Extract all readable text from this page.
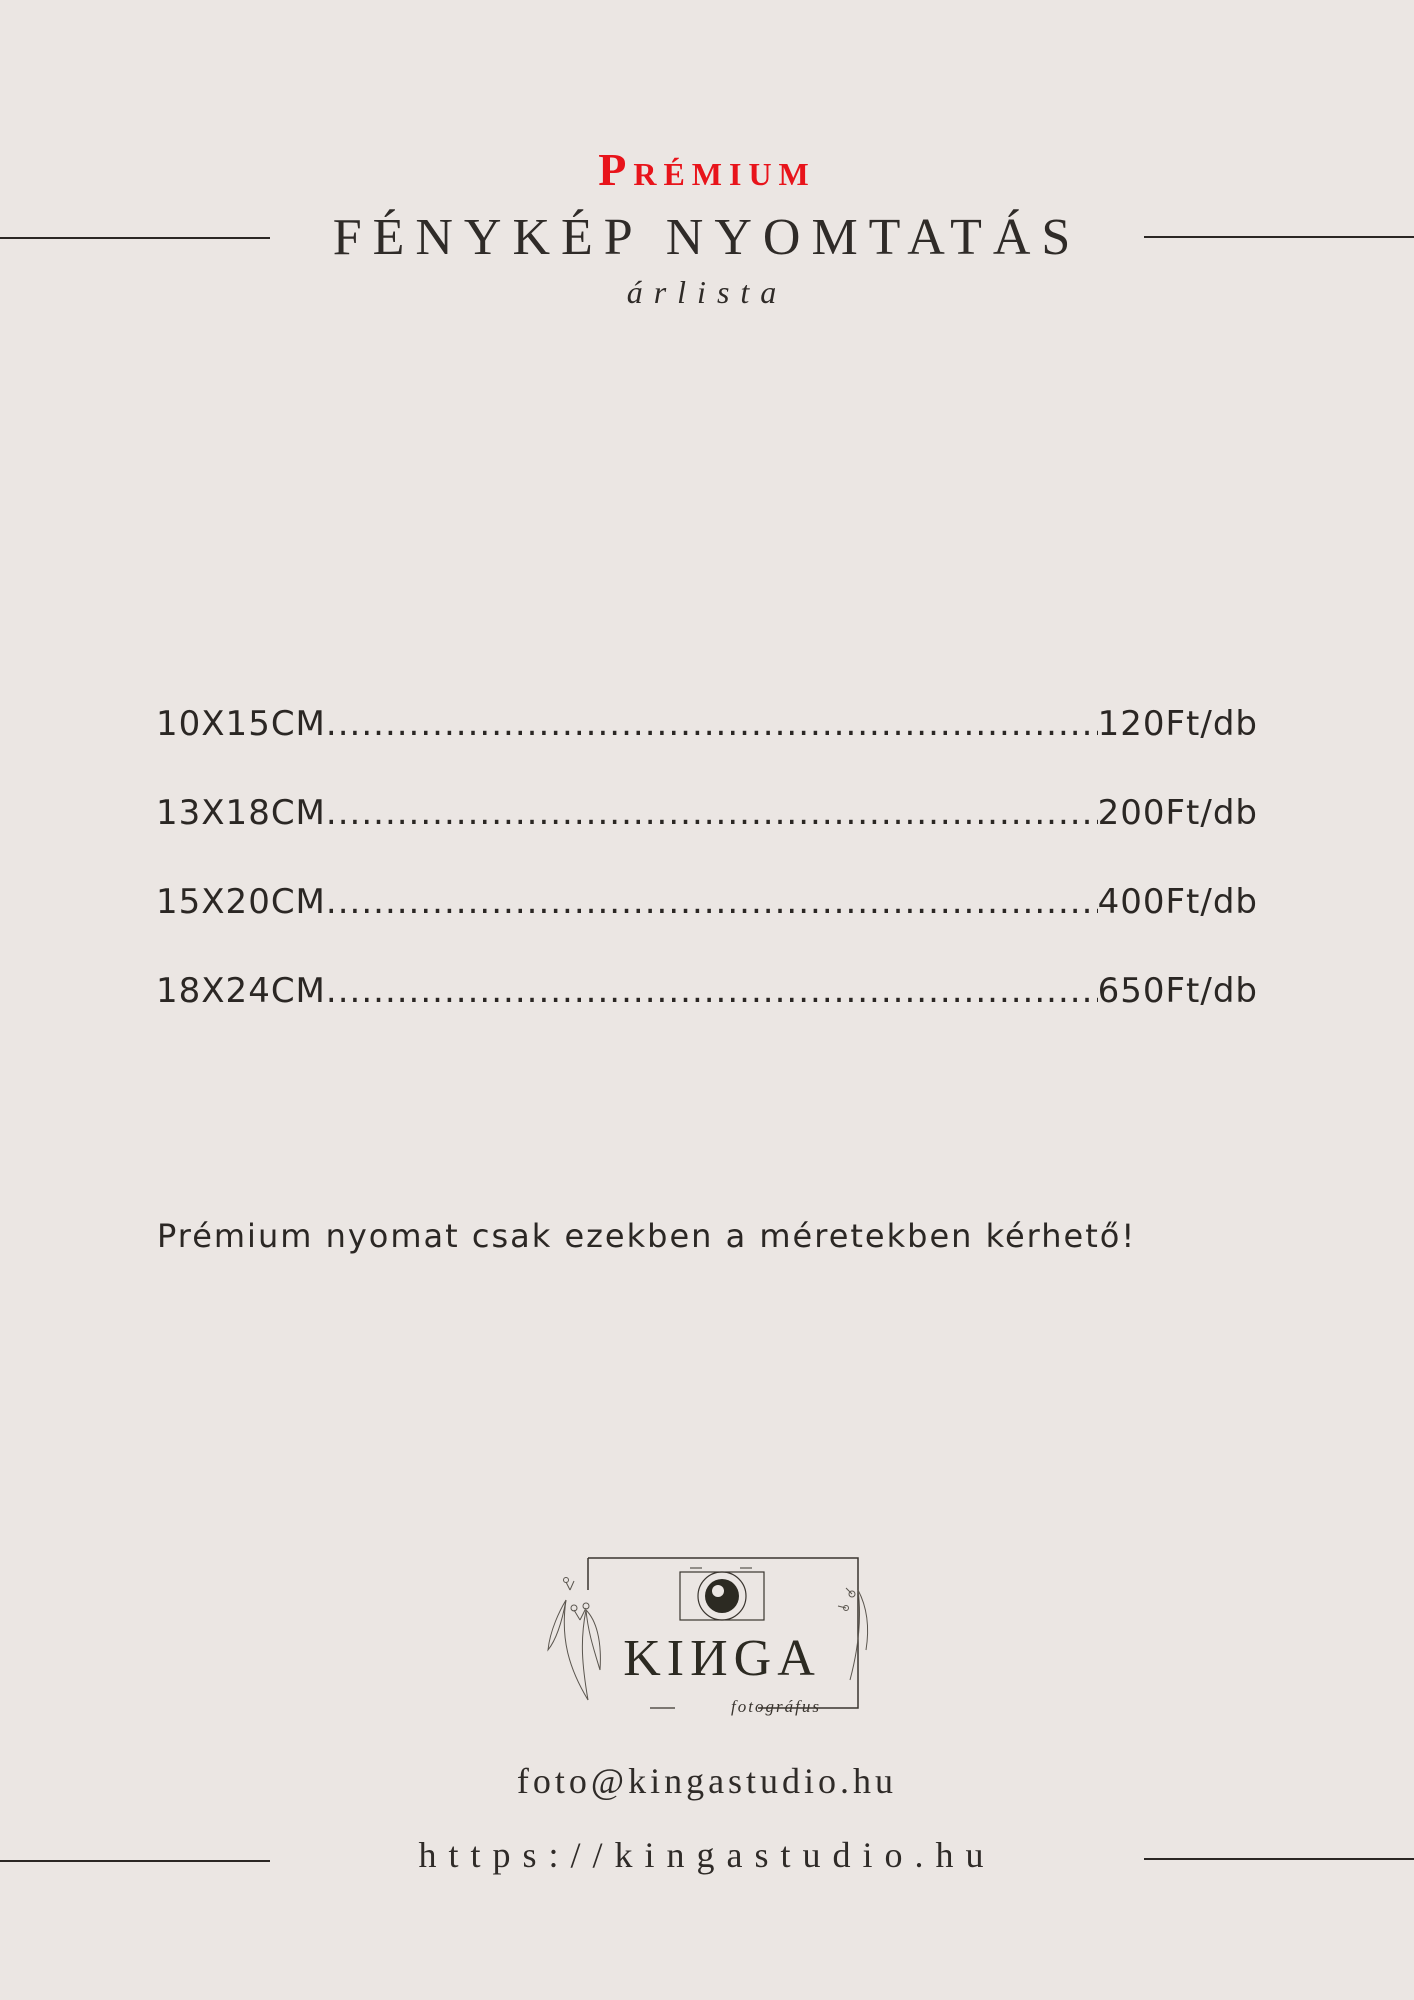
Prémium
FÉNYKÉP NYOMTATÁS
árlista
10X15CM .....	120Ft/db
13X18CM .....	200Ft/db
15X20CM .....	400Ft/db
18X24CM .....	650Ft/db
Prémium nyomat csak ezekben a méretekben kérhető!
KIИGA
fotográfus
foto@kingastudio.hu
https://kingastudio.hu
